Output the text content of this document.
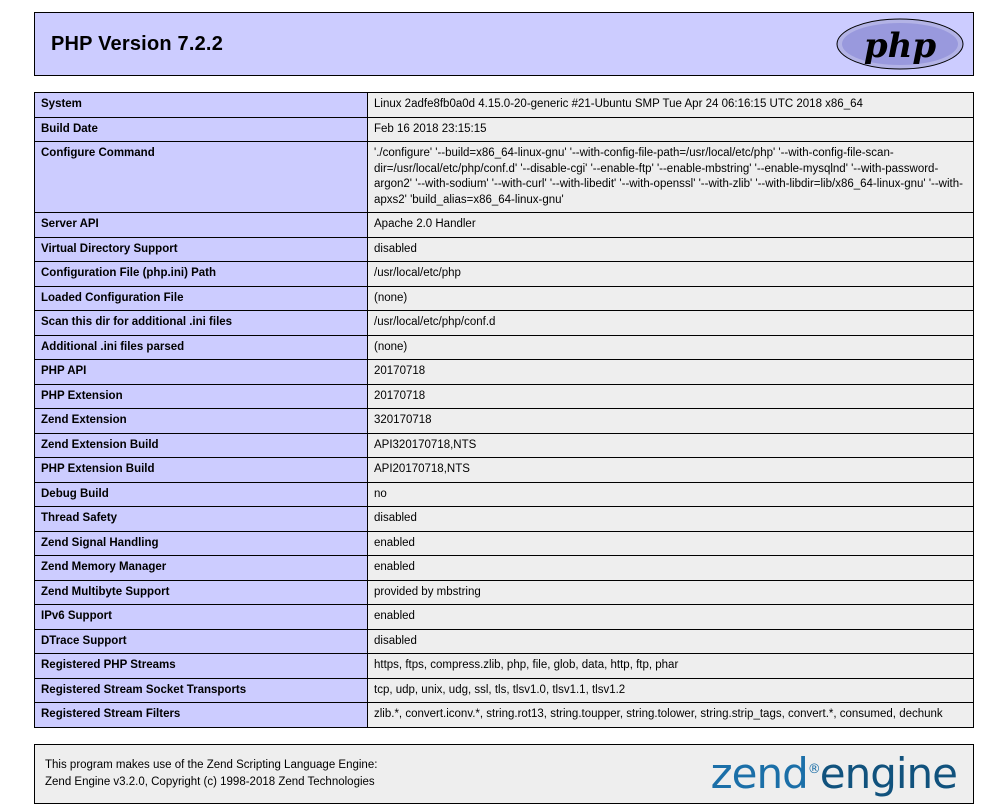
PHP Version 7.2.2	php
System	Linux 2adfe8fb0a0d 4.15.0-20-generic #21-Ubuntu SMP Tue Apr 24 06:16:15 UTC 2018 x86_64
Build Date	Feb 16 2018 23:15:15
Configure Command	'./configure' '--build=x86_64-linux-gnu' '--with-config-file-path=/usr/local/etc/php' '--with-config-file-scan-dir=/usr/local/etc/php/conf.d' '--disable-cgi' '--enable-ftp' '--enable-mbstring' '--enable-mysqlnd' '--with-password-argon2' '--with-sodium' '--with-curl' '--with-libedit' '--with-openssl' '--with-zlib' '--with-libdir=lib/x86_64-linux-gnu' '--with-apxs2' 'build_alias=x86_64-linux-gnu'
Server API	Apache 2.0 Handler
Virtual Directory Support	disabled
Configuration File (php.ini) Path	/usr/local/etc/php
Loaded Configuration File	(none)
Scan this dir for additional .ini files	/usr/local/etc/php/conf.d
Additional .ini files parsed	(none)
PHP API	20170718
PHP Extension	20170718
Zend Extension	320170718
Zend Extension Build	API320170718,NTS
PHP Extension Build	API20170718,NTS
Debug Build	no
Thread Safety	disabled
Zend Signal Handling	enabled
Zend Memory Manager	enabled
Zend Multibyte Support	provided by mbstring
IPv6 Support	enabled
DTrace Support	disabled
Registered PHP Streams	https, ftps, compress.zlib, php, file, glob, data, http, ftp, phar
Registered Stream Socket Transports	tcp, udp, unix, udg, ssl, tls, tlsv1.0, tlsv1.1, tlsv1.2
Registered Stream Filters	zlib.*, convert.iconv.*, string.rot13, string.toupper, string.tolower, string.strip_tags, convert.*, consumed, dechunk
This program makes use of the Zend Scripting Language Engine:
Zend Engine v3.2.0, Copyright (c) 1998-2018 Zend Technologies	zend®engine
